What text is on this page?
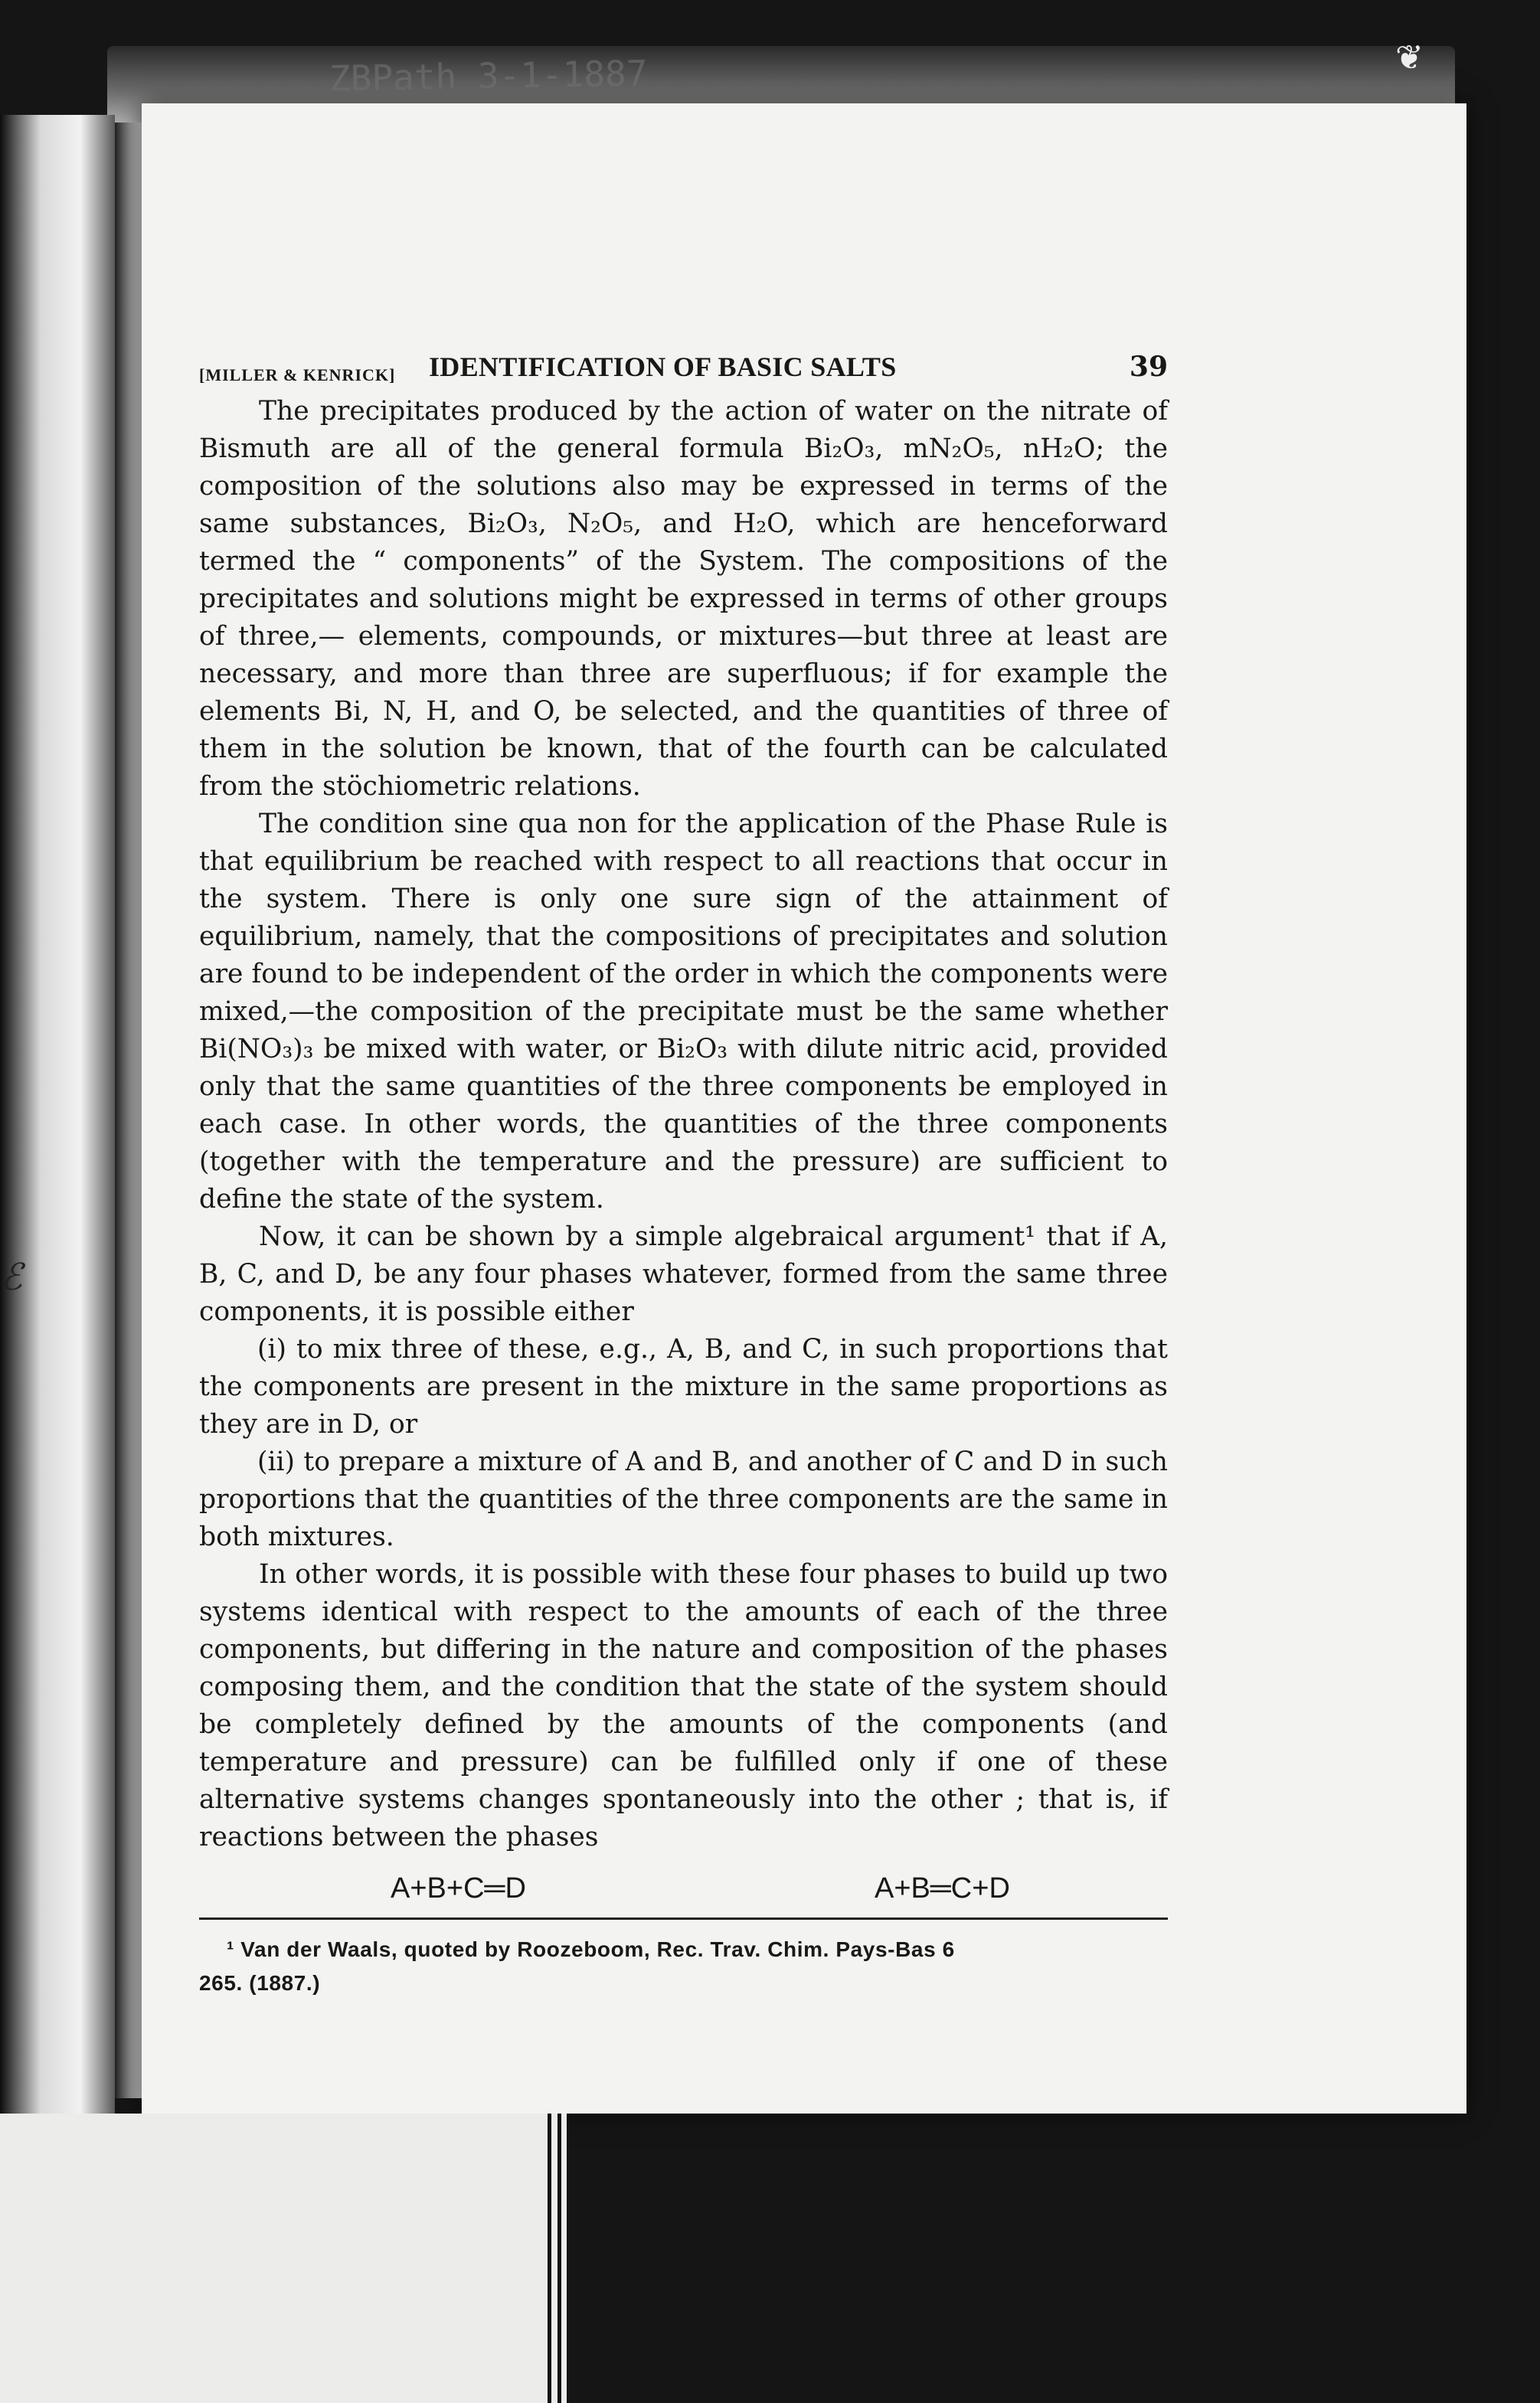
ZBPath 3-1-1887	❦
ℰ
[MILLER & KENRICK] IDENTIFICATION OF BASIC SALTS	39

The precipitates produced by the action of water on the nitrate of Bismuth are all of the general formula Bi₂O₃, mN₂O₅, nH₂O; the composition of the solutions also may be expressed in terms of the same substances, Bi₂O₃, N₂O₅, and H₂O, which are henceforward termed the “ components” of the System. The compositions of the precipitates and solutions might be expressed in terms of other groups of three,— elements, compounds, or mixtures—but three at least are necessary, and more than three are superfluous; if for example the elements Bi, N, H, and O, be selected, and the quantities of three of them in the solution be known, that of the fourth can be calculated from the stöchiometric relations.

The condition sine qua non for the application of the Phase Rule is that equilibrium be reached with respect to all reactions that occur in the system. There is only one sure sign of the attainment of equilibrium, namely, that the compositions of precipitates and solution are found to be independent of the order in which the components were mixed,—the composition of the precipitate must be the same whether Bi(NO₃)₃ be mixed with water, or Bi₂O₃ with dilute nitric acid, provided only that the same quantities of the three components be employed in each case. In other words, the quantities of the three components (together with the temperature and the pressure) are sufficient to define the state of the system.

Now, it can be shown by a simple algebraical argument¹ that if A, B, C, and D, be any four phases whatever, formed from the same three components, it is possible either

(i) to mix three of these, e.g., A, B, and C, in such proportions that the components are present in the mixture in the same proportions as they are in D, or

(ii) to prepare a mixture of A and B, and another of C and D in such proportions that the quantities of the three components are the same in both mixtures.

In other words, it is possible with these four phases to build up two systems identical with respect to the amounts of each of the three components, but differing in the nature and composition of the phases composing them, and the condition that the state of the system should be completely defined by the amounts of the components (and temperature and pressure) can be fulfilled only if one of these alternative systems changes spontaneously into the other ; that is, if reactions between the phases

A+B+C═D	A+B═C+D
¹ Van der Waals, quoted by Roozeboom, Rec. Trav. Chim. Pays-Bas 6
265. (1887.)
